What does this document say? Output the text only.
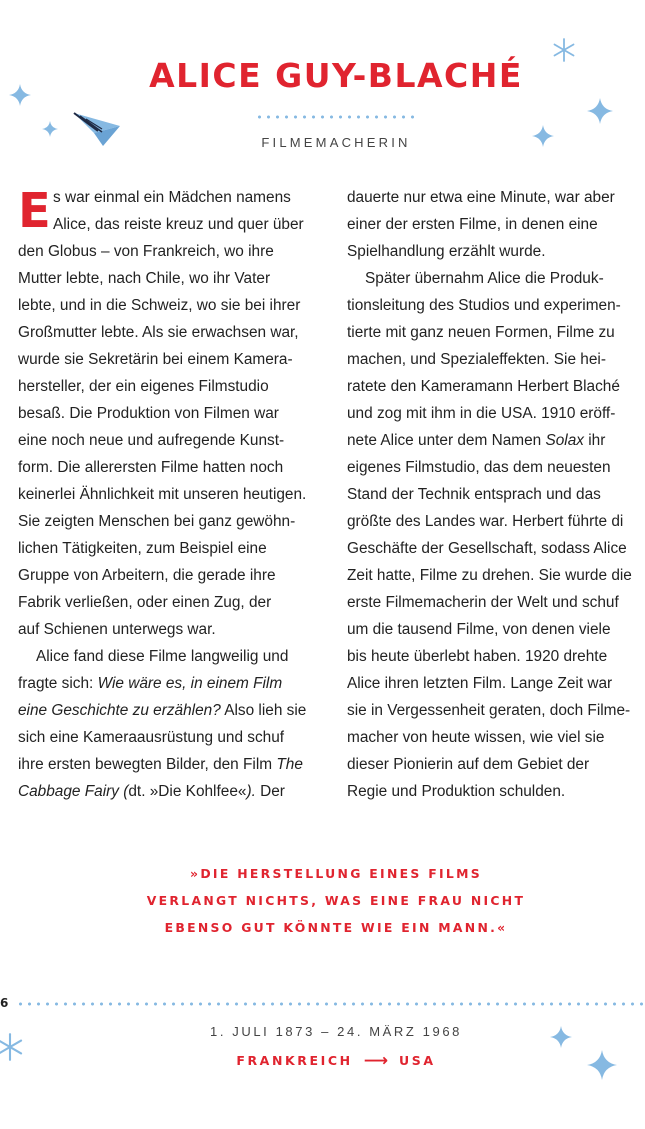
ALICE GUY-BLACHÉ
FILMEMACHERIN
E s war einmal ein Mädchen namens
Alice, das reiste kreuz und quer über
den Globus – von Frankreich, wo ihre
Mutter lebte, nach Chile, wo ihr Vater
lebte, und in die Schweiz, wo sie bei ihrer
Großmutter lebte. Als sie erwachsen war,
wurde sie Sekretärin bei einem Kamera-
hersteller, der ein eigenes Filmstudio
besaß. Die Produktion von Filmen war
eine noch neue und aufregende Kunst-
form. Die allerersten Filme hatten noch
keinerlei Ähnlichkeit mit unseren heutigen.
Sie zeigten Menschen bei ganz gewöhn-
lichen Tätigkeiten, zum Beispiel eine
Gruppe von Arbeitern, die gerade ihre
Fabrik verließen, oder einen Zug, der
auf Schienen unterwegs war.
Alice fand diese Filme langweilig und
fragte sich: Wie wäre es, in einem Film
eine Geschichte zu erzählen? Also lieh sie
sich eine Kameraausrüstung und schuf
ihre ersten bewegten Bilder, den Film The
Cabbage Fairy (dt. »Die Kohlfee«). Der
dauerte nur etwa eine Minute, war aber
einer der ersten Filme, in denen eine
Spielhandlung erzählt wurde.
Später übernahm Alice die Produk-
tionsleitung des Studios und experimen-
tierte mit ganz neuen Formen, Filme zu
machen, und Spezialeffekten. Sie hei-
ratete den Kameramann Herbert Blaché
und zog mit ihm in die USA. 1910 eröff-
nete Alice unter dem Namen Solax ihr
eigenes Filmstudio, das dem neuesten
Stand der Technik entsprach und das
größte des Landes war. Herbert führte di
Geschäfte der Gesellschaft, sodass Alice
Zeit hatte, Filme zu drehen. Sie wurde die
erste Filmemacherin der Welt und schuf
um die tausend Filme, von denen viele
bis heute überlebt haben. 1920 drehte
Alice ihren letzten Film. Lange Zeit war
sie in Vergessenheit geraten, doch Filme-
macher von heute wissen, wie viel sie
dieser Pionierin auf dem Gebiet der
Regie und Produktion schulden.
»DIE HERSTELLUNG EINES FILMS
VERLANGT NICHTS, WAS EINE FRAU NICHT
EBENSO GUT KÖNNTE WIE EIN MANN.«
6
1. JULI 1873 – 24. MÄRZ 1968
FRANKREICH ⟶ USA
